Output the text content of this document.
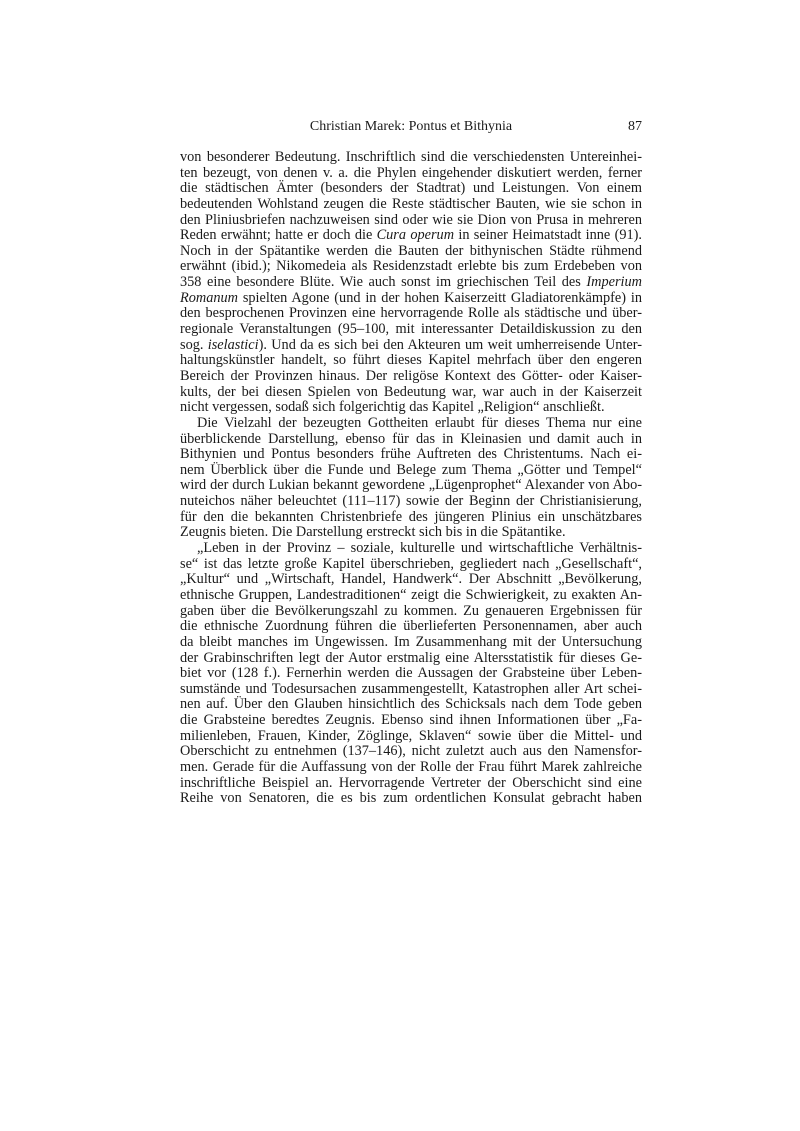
Christian Marek: Pontus et Bithynia	87
von besonderer Bedeutung. Inschriftlich sind die verschiedensten Untereinhei-
ten bezeugt, von denen v. a. die Phylen eingehender diskutiert werden, ferner
die städtischen Ämter (besonders der Stadtrat) und Leistungen. Von einem
bedeutenden Wohlstand zeugen die Reste städtischer Bauten, wie sie schon in
den Pliniusbriefen nachzuweisen sind oder wie sie Dion von Prusa in mehreren
Reden erwähnt; hatte er doch die Cura operum in seiner Heimatstadt inne (91).
Noch in der Spätantike werden die Bauten der bithynischen Städte rühmend
erwähnt (ibid.); Nikomedeia als Residenzstadt erlebte bis zum Erdebeben von
358 eine besondere Blüte. Wie auch sonst im griechischen Teil des Imperium
Romanum spielten Agone (und in der hohen Kaiserzeitt Gladiatorenkämpfe) in
den besprochenen Provinzen eine hervorragende Rolle als städtische und über-
regionale Veranstaltungen (95–100, mit interessanter Detaildiskussion zu den
sog. iselastici). Und da es sich bei den Akteuren um weit umherreisende Unter-
haltungskünstler handelt, so führt dieses Kapitel mehrfach über den engeren
Bereich der Provinzen hinaus. Der religöse Kontext des Götter- oder Kaiser-
kults, der bei diesen Spielen von Bedeutung war, war auch in der Kaiserzeit
nicht vergessen, sodaß sich folgerichtig das Kapitel „Religion“ anschließt.
Die Vielzahl der bezeugten Gottheiten erlaubt für dieses Thema nur eine
überblickende Darstellung, ebenso für das in Kleinasien und damit auch in
Bithynien und Pontus besonders frühe Auftreten des Christentums. Nach ei-
nem Überblick über die Funde und Belege zum Thema „Götter und Tempel“
wird der durch Lukian bekannt gewordene „Lügenprophet“ Alexander von Abo-
nuteichos näher beleuchtet (111–117) sowie der Beginn der Christianisierung,
für den die bekannten Christenbriefe des jüngeren Plinius ein unschätzbares
Zeugnis bieten. Die Darstellung erstreckt sich bis in die Spätantike.
„Leben in der Provinz – soziale, kulturelle und wirtschaftliche Verhältnis-
se“ ist das letzte große Kapitel überschrieben, gegliedert nach „Gesellschaft“,
„Kultur“ und „Wirtschaft, Handel, Handwerk“. Der Abschnitt „Bevölkerung,
ethnische Gruppen, Landestraditionen“ zeigt die Schwierigkeit, zu exakten An-
gaben über die Bevölkerungszahl zu kommen. Zu genaueren Ergebnissen für
die ethnische Zuordnung führen die überlieferten Personennamen, aber auch
da bleibt manches im Ungewissen. Im Zusammenhang mit der Untersuchung
der Grabinschriften legt der Autor erstmalig eine Altersstatistik für dieses Ge-
biet vor (128 f.). Fernerhin werden die Aussagen der Grabsteine über Leben-
sumstände und Todesursachen zusammengestellt, Katastrophen aller Art schei-
nen auf. Über den Glauben hinsichtlich des Schicksals nach dem Tode geben
die Grabsteine beredtes Zeugnis. Ebenso sind ihnen Informationen über „Fa-
milienleben, Frauen, Kinder, Zöglinge, Sklaven“ sowie über die Mittel- und
Oberschicht zu entnehmen (137–146), nicht zuletzt auch aus den Namensfor-
men. Gerade für die Auffassung von der Rolle der Frau führt Marek zahlreiche
inschriftliche Beispiel an. Hervorragende Vertreter der Oberschicht sind eine
Reihe von Senatoren, die es bis zum ordentlichen Konsulat gebracht haben
